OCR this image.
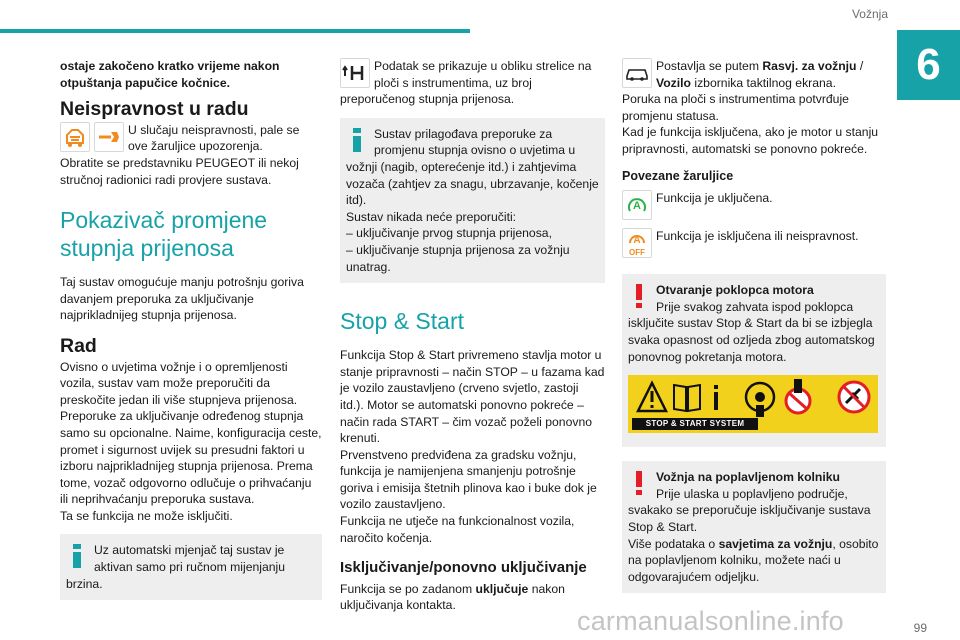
Vožnja
6

ostaje zakočeno kratko vrijeme nakon otpuštanja papučice kočnice.

Neispravnost u radu
U slučaju neispravnosti, pale se ove žaruljice upozorenja.

Obratite se predstavniku PEUGEOT ili nekoj stručnoj radionici radi provjere sustava.

Pokazivač promjene stupnja prijenosa

Taj sustav omogućuje manju potrošnju goriva davanjem preporuka za uključivanje najprikladnijeg stupnja prijenosa.

Rad

Ovisno o uvjetima vožnje i o opremljenosti vozila, sustav vam može preporučiti da preskočite jedan ili više stupnjeva prijenosa.

Preporuke za uključivanje određenog stupnja samo su opcionalne. Naime, konfiguracija ceste, promet i sigurnost uvijek su presudni faktori u izboru najprikladnijeg stupnja prijenosa. Prema tome, vozač odgovorno odlučuje o prihvaćanju ili neprihvaćanju preporuka sustava.

Ta se funkcija ne može isključiti.

Uz automatski mjenjač taj sustav je aktivan samo pri ručnom mijenjanju brzina.
Podatak se prikazuje u obliku strelice na ploči s instrumentima, uz broj preporučenog stupnja prijenosa.
Sustav prilagođava preporuke za promjenu stupnja ovisno o uvjetima u vožnji (nagib, opterećenje itd.) i zahtjevima vozača (zahtjev za snagu, ubrzavanje, kočenje itd).
Sustav nikada neće preporučiti:
– uključivanje prvog stupnja prijenosa,
– uključivanje stupnja prijenosa za vožnju unatrag.
Stop & Start

Funkcija Stop & Start privremeno stavlja motor u stanje pripravnosti – način STOP – u fazama kad je vozilo zaustavljeno (crveno svjetlo, zastoji itd.). Motor se automatski ponovno pokreće – način rada START – čim vozač poželi ponovno krenuti.

Prvenstveno predviđena za gradsku vožnju, funkcija je namijenjena smanjenju potrošnje goriva i emisija štetnih plinova kao i buke dok je vozilo zaustavljeno.

Funkcija ne utječe na funkcionalnost vozila, naročito kočenja.

Isključivanje/ponovno uključivanje

Funkcija se po zadanom uključuje nakon uključivanja kontakta.

Postavlja se putem Rasvj. za vožnju / Vozilo izbornika taktilnog ekrana.

Poruka na ploči s instrumentima potvrđuje promjenu statusa.

Kad je funkcija isključena, ako je motor u stanju pripravnosti, automatski se ponovno pokreće.

Povezane žaruljice
A
Funkcija je uključena.
A
OFF
Funkcija je isključena ili neispravnost.
Otvaranje poklopca motora
Prije svakog zahvata ispod poklopca isključite sustav Stop & Start da bi se izbjegla svaka opasnost od ozljeda zbog automatskog ponovnog pokretanja motora.
STOP & START SYSTEM
Vožnja na poplavljenom kolniku
Prije ulaska u poplavljeno područje, svakako se preporučuje isključivanje sustava Stop & Start.
Više podataka o savjetima za vožnju, osobito na poplavljenom kolniku, možete naći u odgovarajućem odjeljku.
99
carmanualsonline.info
